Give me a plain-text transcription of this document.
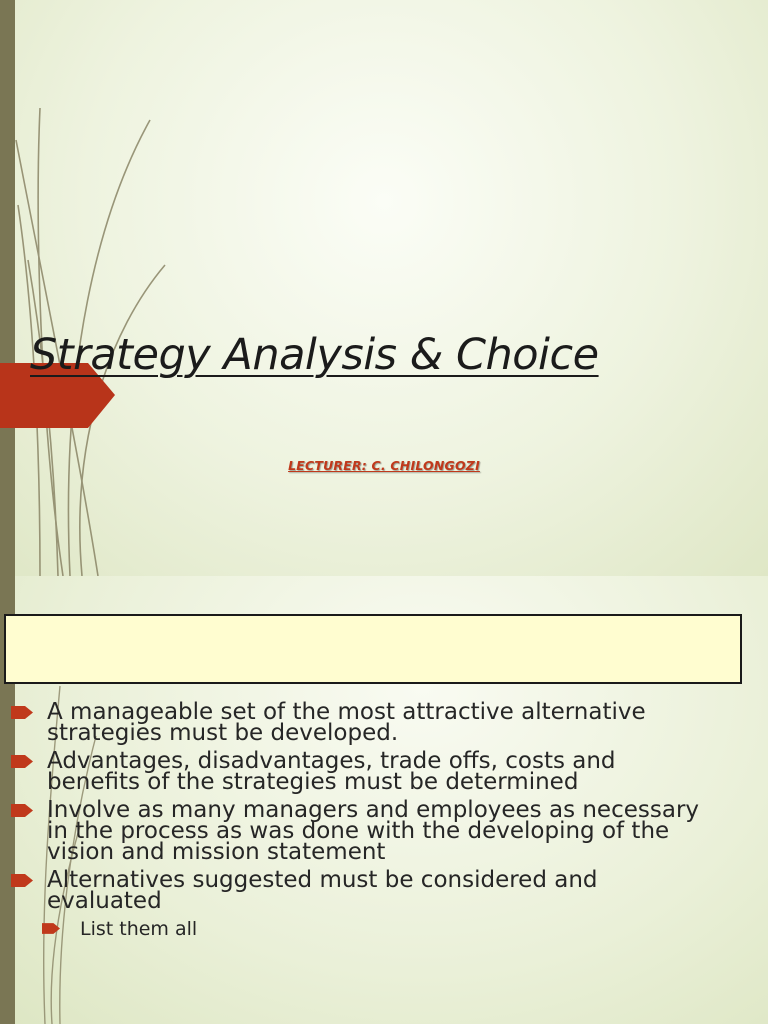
Strategy Analysis & Choice

LECTURER: C. CHILONGOZI

A manageable set of the most attractive alternative strategies must be developed.
Advantages, disadvantages, trade offs, costs and benefits of the strategies must be determined
Involve as many managers and employees as necessary in the process as was done with the developing of the vision and mission statement
Alternatives suggested must be considered and evaluated
List them all
